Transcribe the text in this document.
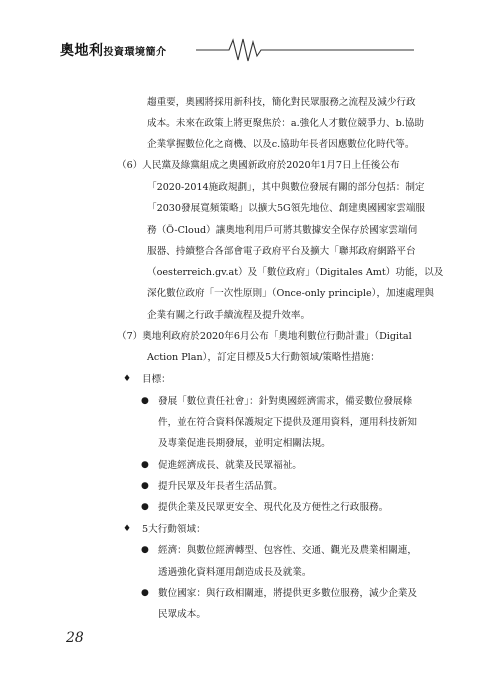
奧地利投資環境簡介
趨重要，奧國將採用新科技，簡化對民眾服務之流程及減少行政
成本。未來在政策上將更聚焦於：a.強化人才數位競爭力、b.協助
企業掌握數位化之商機、以及c.協助年長者因應數位化時代等。
（6）人民黨及綠黨組成之奧國新政府於2020年1月7日上任後公布
「2020-2014施政規劃」，其中與數位發展有關的部分包括：制定
「2030發展寬頻策略」以擴大5G領先地位、創建奧國國家雲端服
務（Ö-Cloud）讓奧地利用戶可將其數據安全保存於國家雲端伺
服器、持續整合各部會電子政府平台及擴大「聯邦政府網路平台
（oesterreich.gv.at）及「數位政府」（Digitales Amt）功能，以及
深化數位政府「一次性原則」（Once-only principle），加速處理與
企業有關之行政手續流程及提升效率。
（7）奧地利政府於2020年6月公布「奧地利數位行動計畫」（Digital
Action Plan），訂定目標及5大行動領域/策略性措施：
♦ 目標：
● 發展「數位責任社會」：針對奧國經濟需求，備妥數位發展條
件，並在符合資料保護規定下提供及運用資料，運用科技新知
及專業促進長期發展，並明定相關法規。
● 促進經濟成長、就業及民眾福祉。
● 提升民眾及年長者生活品質。
● 提供企業及民眾更安全、現代化及方便性之行政服務。
♦ 5大行動領域：
● 經濟：與數位經濟轉型、包容性、交通、觀光及農業相關連，
透過強化資料運用創造成長及就業。
● 數位國家：與行政相關連，將提供更多數位服務，減少企業及
民眾成本。
28
